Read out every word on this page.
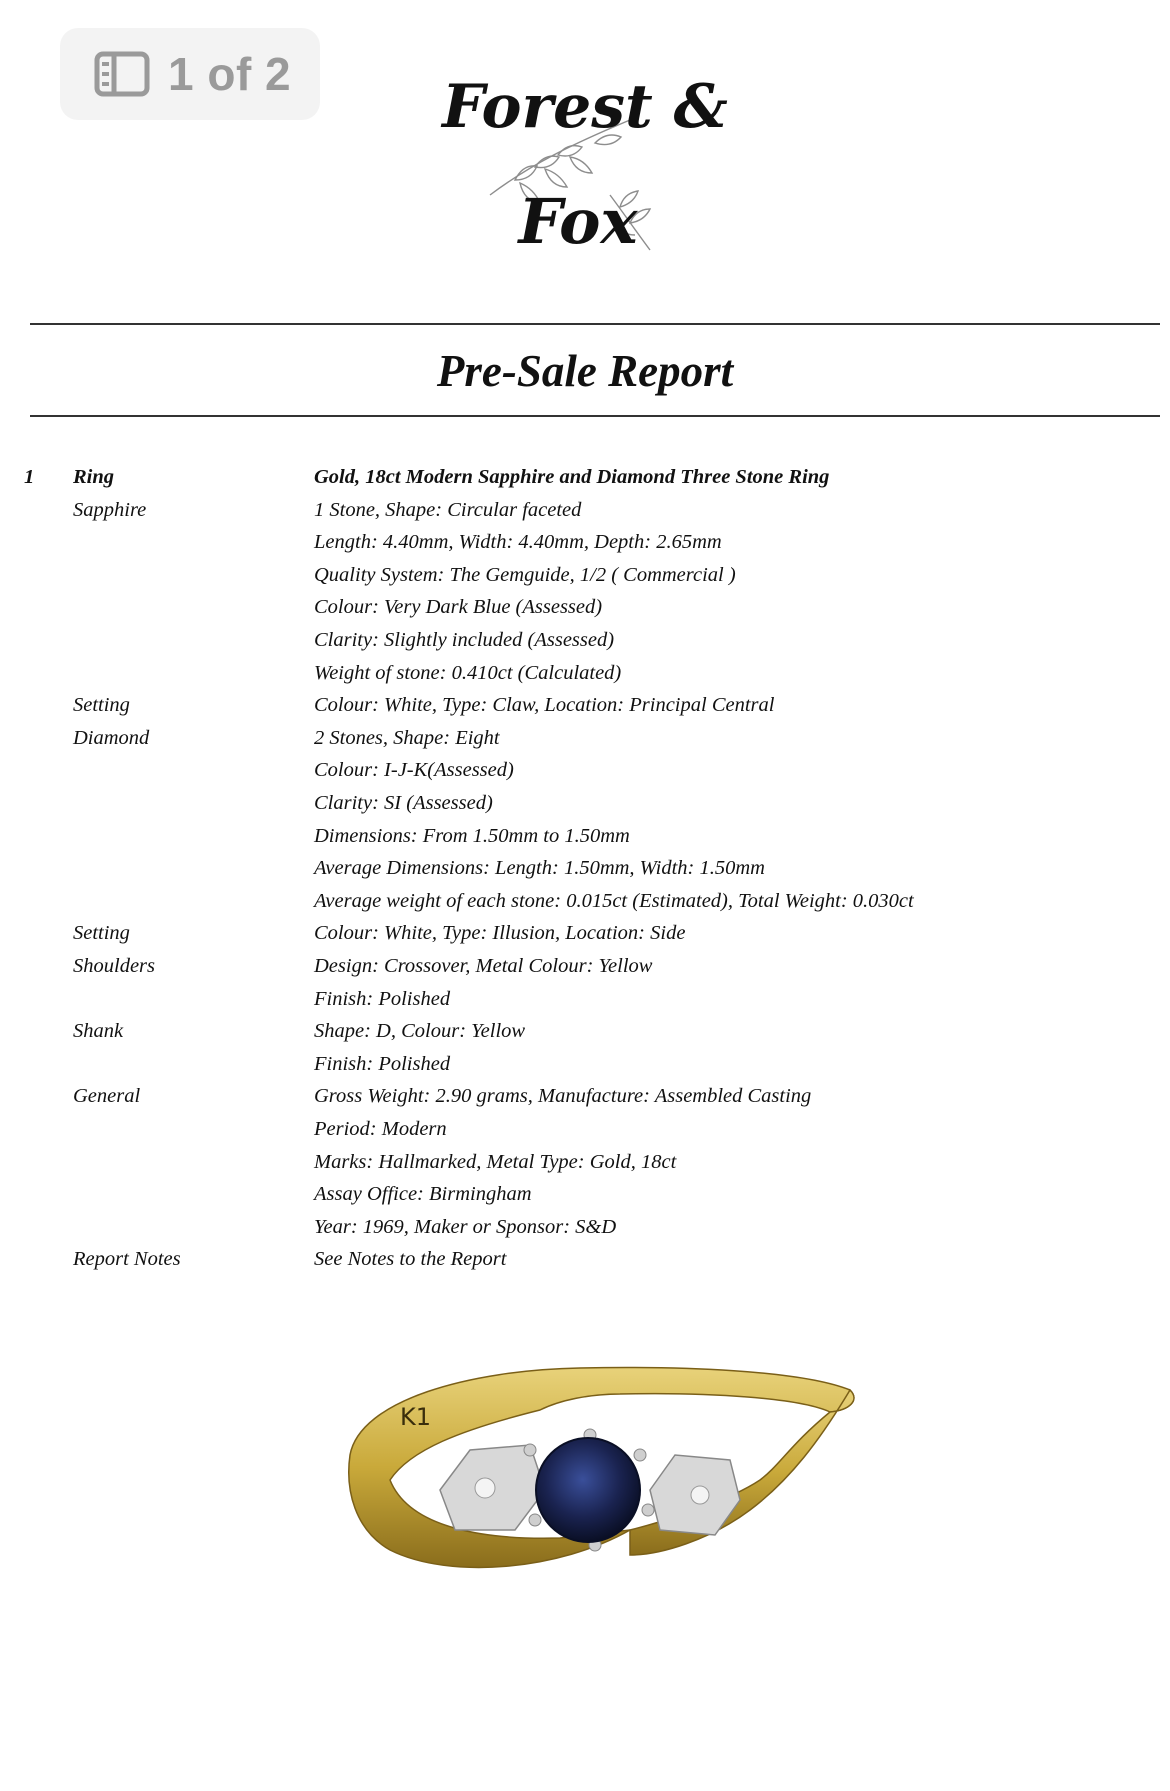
1 of 2	Forest &
Fox
Pre-Sale Report
1 Ring	Gold, 18ct Modern Sapphire and Diamond Three Stone Ring
Sapphire	1 Stone, Shape: Circular faceted
Length: 4.40mm, Width: 4.40mm, Depth: 2.65mm
Quality System: The Gemguide, 1/2 ( Commercial )
Colour: Very Dark Blue (Assessed)
Clarity: Slightly included (Assessed)
Weight of stone: 0.410ct (Calculated)
Setting	Colour: White, Type: Claw, Location: Principal Central
Diamond	2 Stones, Shape: Eight
Colour: I-J-K(Assessed)
Clarity: SI (Assessed)
Dimensions: From 1.50mm to 1.50mm
Average Dimensions: Length: 1.50mm, Width: 1.50mm
Average weight of each stone: 0.015ct (Estimated), Total Weight: 0.030ct
Setting	Colour: White, Type: Illusion, Location: Side
Shoulders	Design: Crossover, Metal Colour: Yellow
Finish: Polished
Shank	Shape: D, Colour: Yellow
Finish: Polished
General	Gross Weight: 2.90 grams, Manufacture: Assembled Casting
Period: Modern
Marks: Hallmarked, Metal Type: Gold, 18ct
Assay Office: Birmingham
Year: 1969, Maker or Sponsor: S&D
Report Notes	See Notes to the Report
K1
